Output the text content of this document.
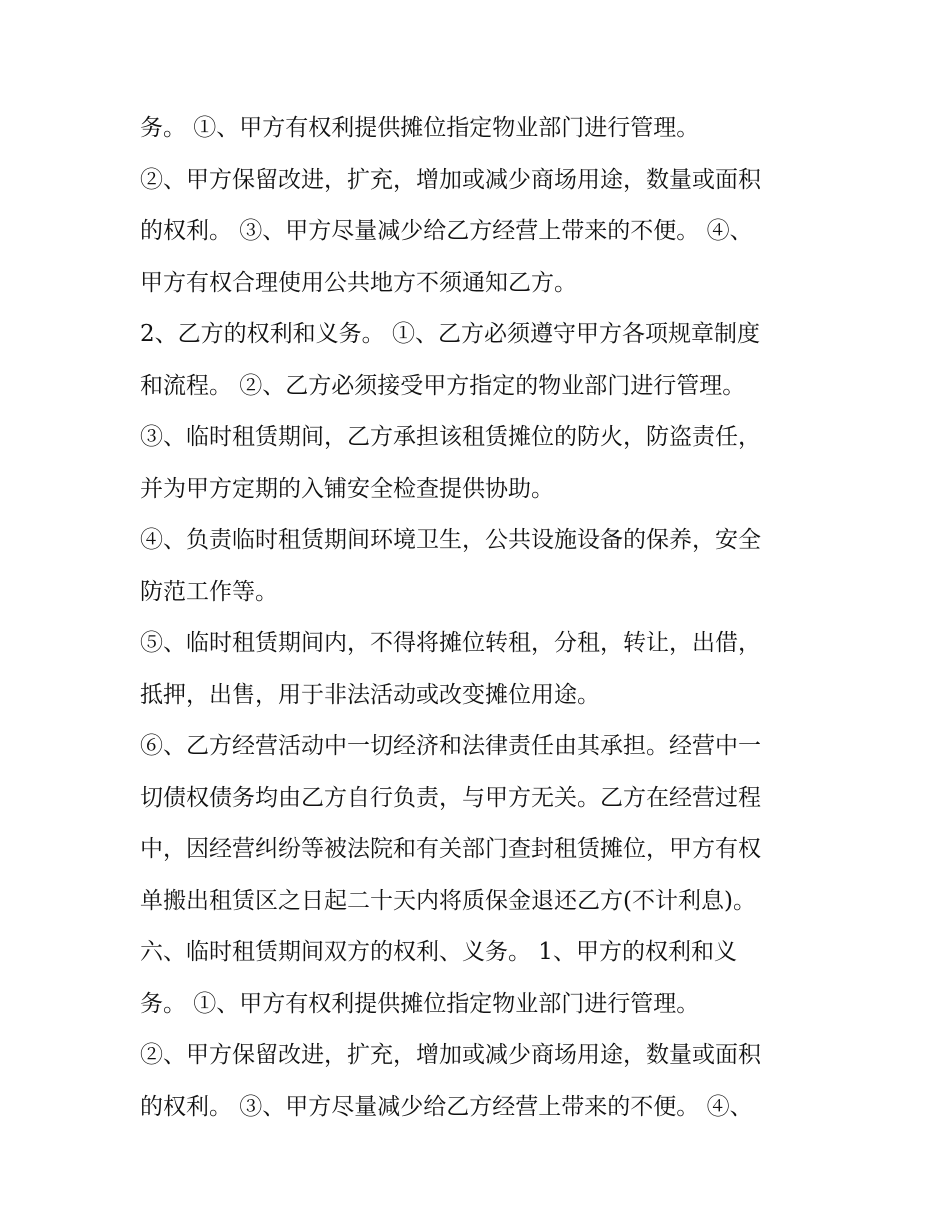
务。 ①、甲方有权利提供摊位指定物业部门进行管理。
②、甲方保留改进，扩充，增加或减少商场用途，数量或面积
的权利。 ③、甲方尽量减少给乙方经营上带来的不便。 ④、
甲方有权合理使用公共地方不须通知乙方。
2、乙方的权利和义务。 ①、乙方必须遵守甲方各项规章制度
和流程。 ②、乙方必须接受甲方指定的物业部门进行管理。
③、临时租赁期间，乙方承担该租赁摊位的防火，防盗责任，
并为甲方定期的入铺安全检查提供协助。
④、负责临时租赁期间环境卫生，公共设施设备的保养，安全
防范工作等。
⑤、临时租赁期间内，不得将摊位转租，分租，转让，出借，
抵押，出售，用于非法活动或改变摊位用途。
⑥、乙方经营活动中一切经济和法律责任由其承担。经营中一
切债权债务均由乙方自行负责，与甲方无关。乙方在经营过程
中，因经营纠纷等被法院和有关部门查封租赁摊位，甲方有权
单搬出租赁区之日起二十天内将质保金退还乙方(不计利息)。
六、临时租赁期间双方的权利、义务。 1、甲方的权利和义
务。 ①、甲方有权利提供摊位指定物业部门进行管理。
②、甲方保留改进，扩充，增加或减少商场用途，数量或面积
的权利。 ③、甲方尽量减少给乙方经营上带来的不便。 ④、
